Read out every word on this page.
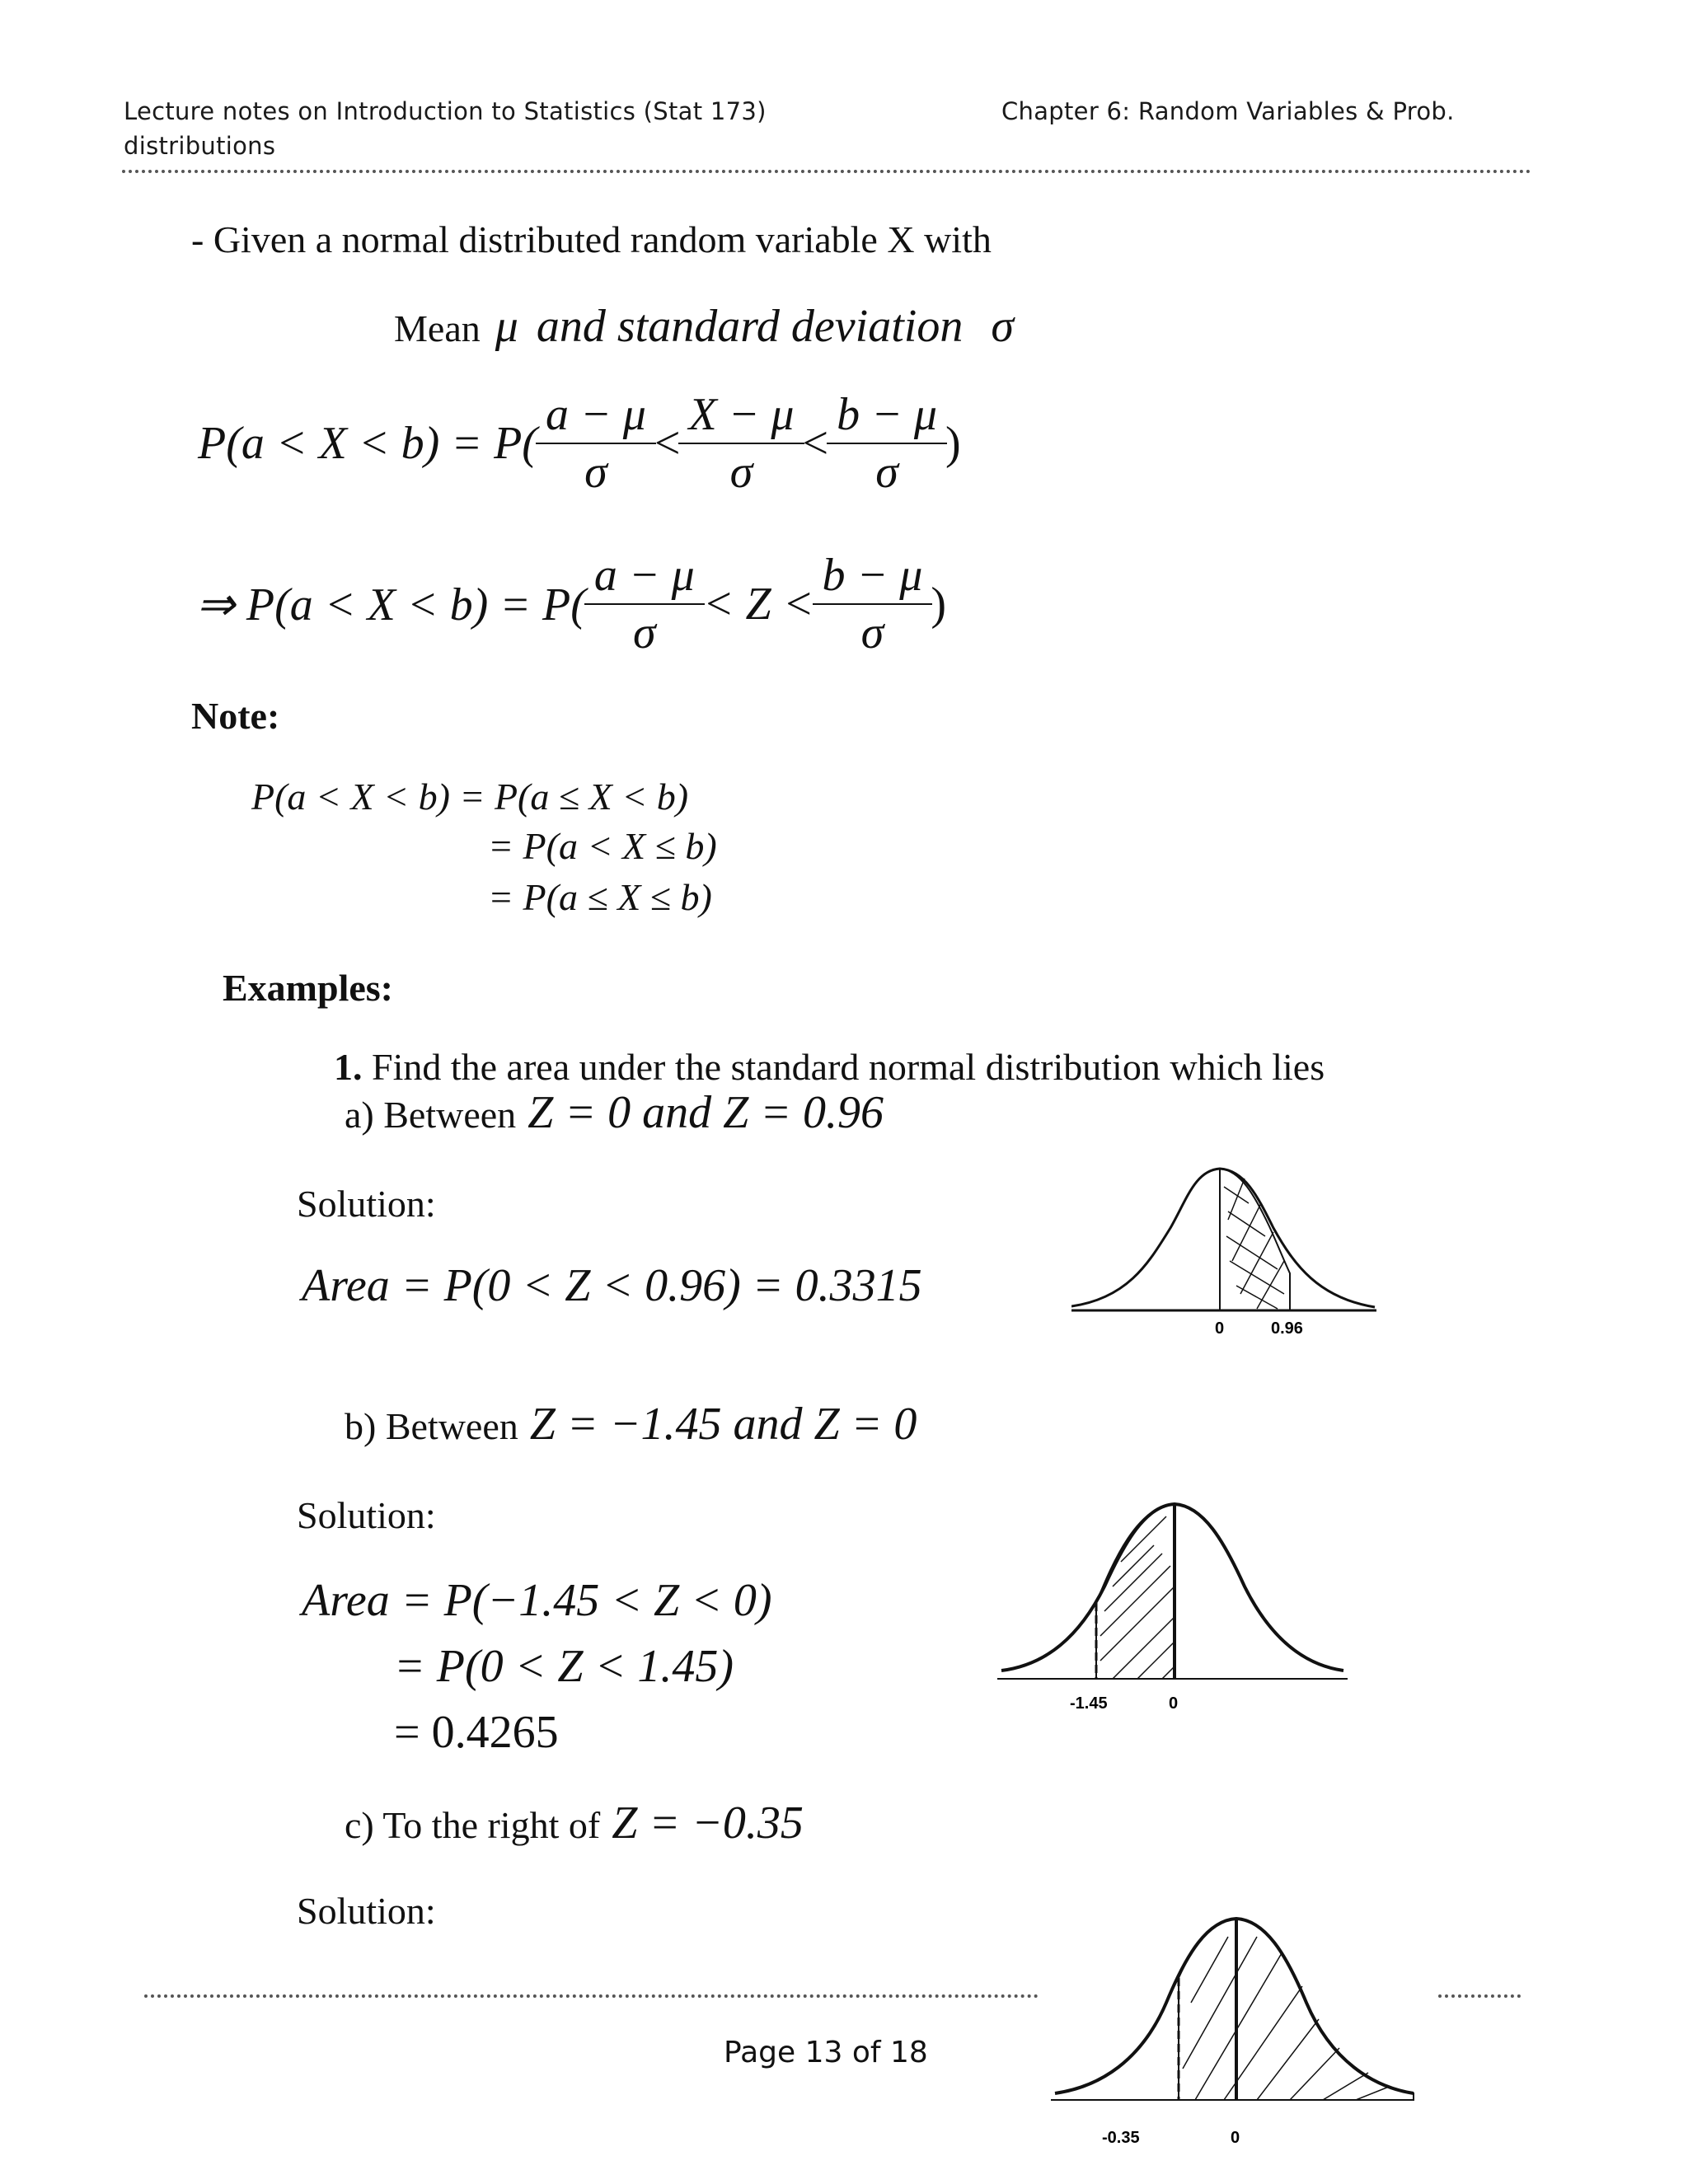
Lecture notes on Introduction to Statistics (Stat 173)
distributions
Chapter 6: Random Variables & Prob.
- Given a normal distributed random variable X with
Mean μ and standard deviation σ
$P(a < X < b) = P( \frac{a - \mu}{\sigma} < \frac{X - \mu}{\sigma} < \frac{b - \mu}{\sigma}$ )
⇒ $P(a < X < b) = P( \frac{a - \mu}{\sigma} < Z < \frac{b - \mu}{\sigma}$ )
Note:
P(a < X < b) = P(a ≤ X < b)
= P(a < X ≤ b)
= P(a ≤ X ≤ b)
Examples:
1. Find the area under the standard normal distribution which lies
a) Between Z = 0 and Z = 0.96
Solution:
Area = P(0 < Z < 0.96) = 0.3315
0	0.96
b) Between Z = −1.45 and Z = 0
Solution:
Area = P(−1.45 < Z < 0)
= P(0 < Z < 1.45)
= 0.4265
-1.45	0
c) To the right of Z = −0.35
Solution:
-0.35	0
Page 13 of 18
